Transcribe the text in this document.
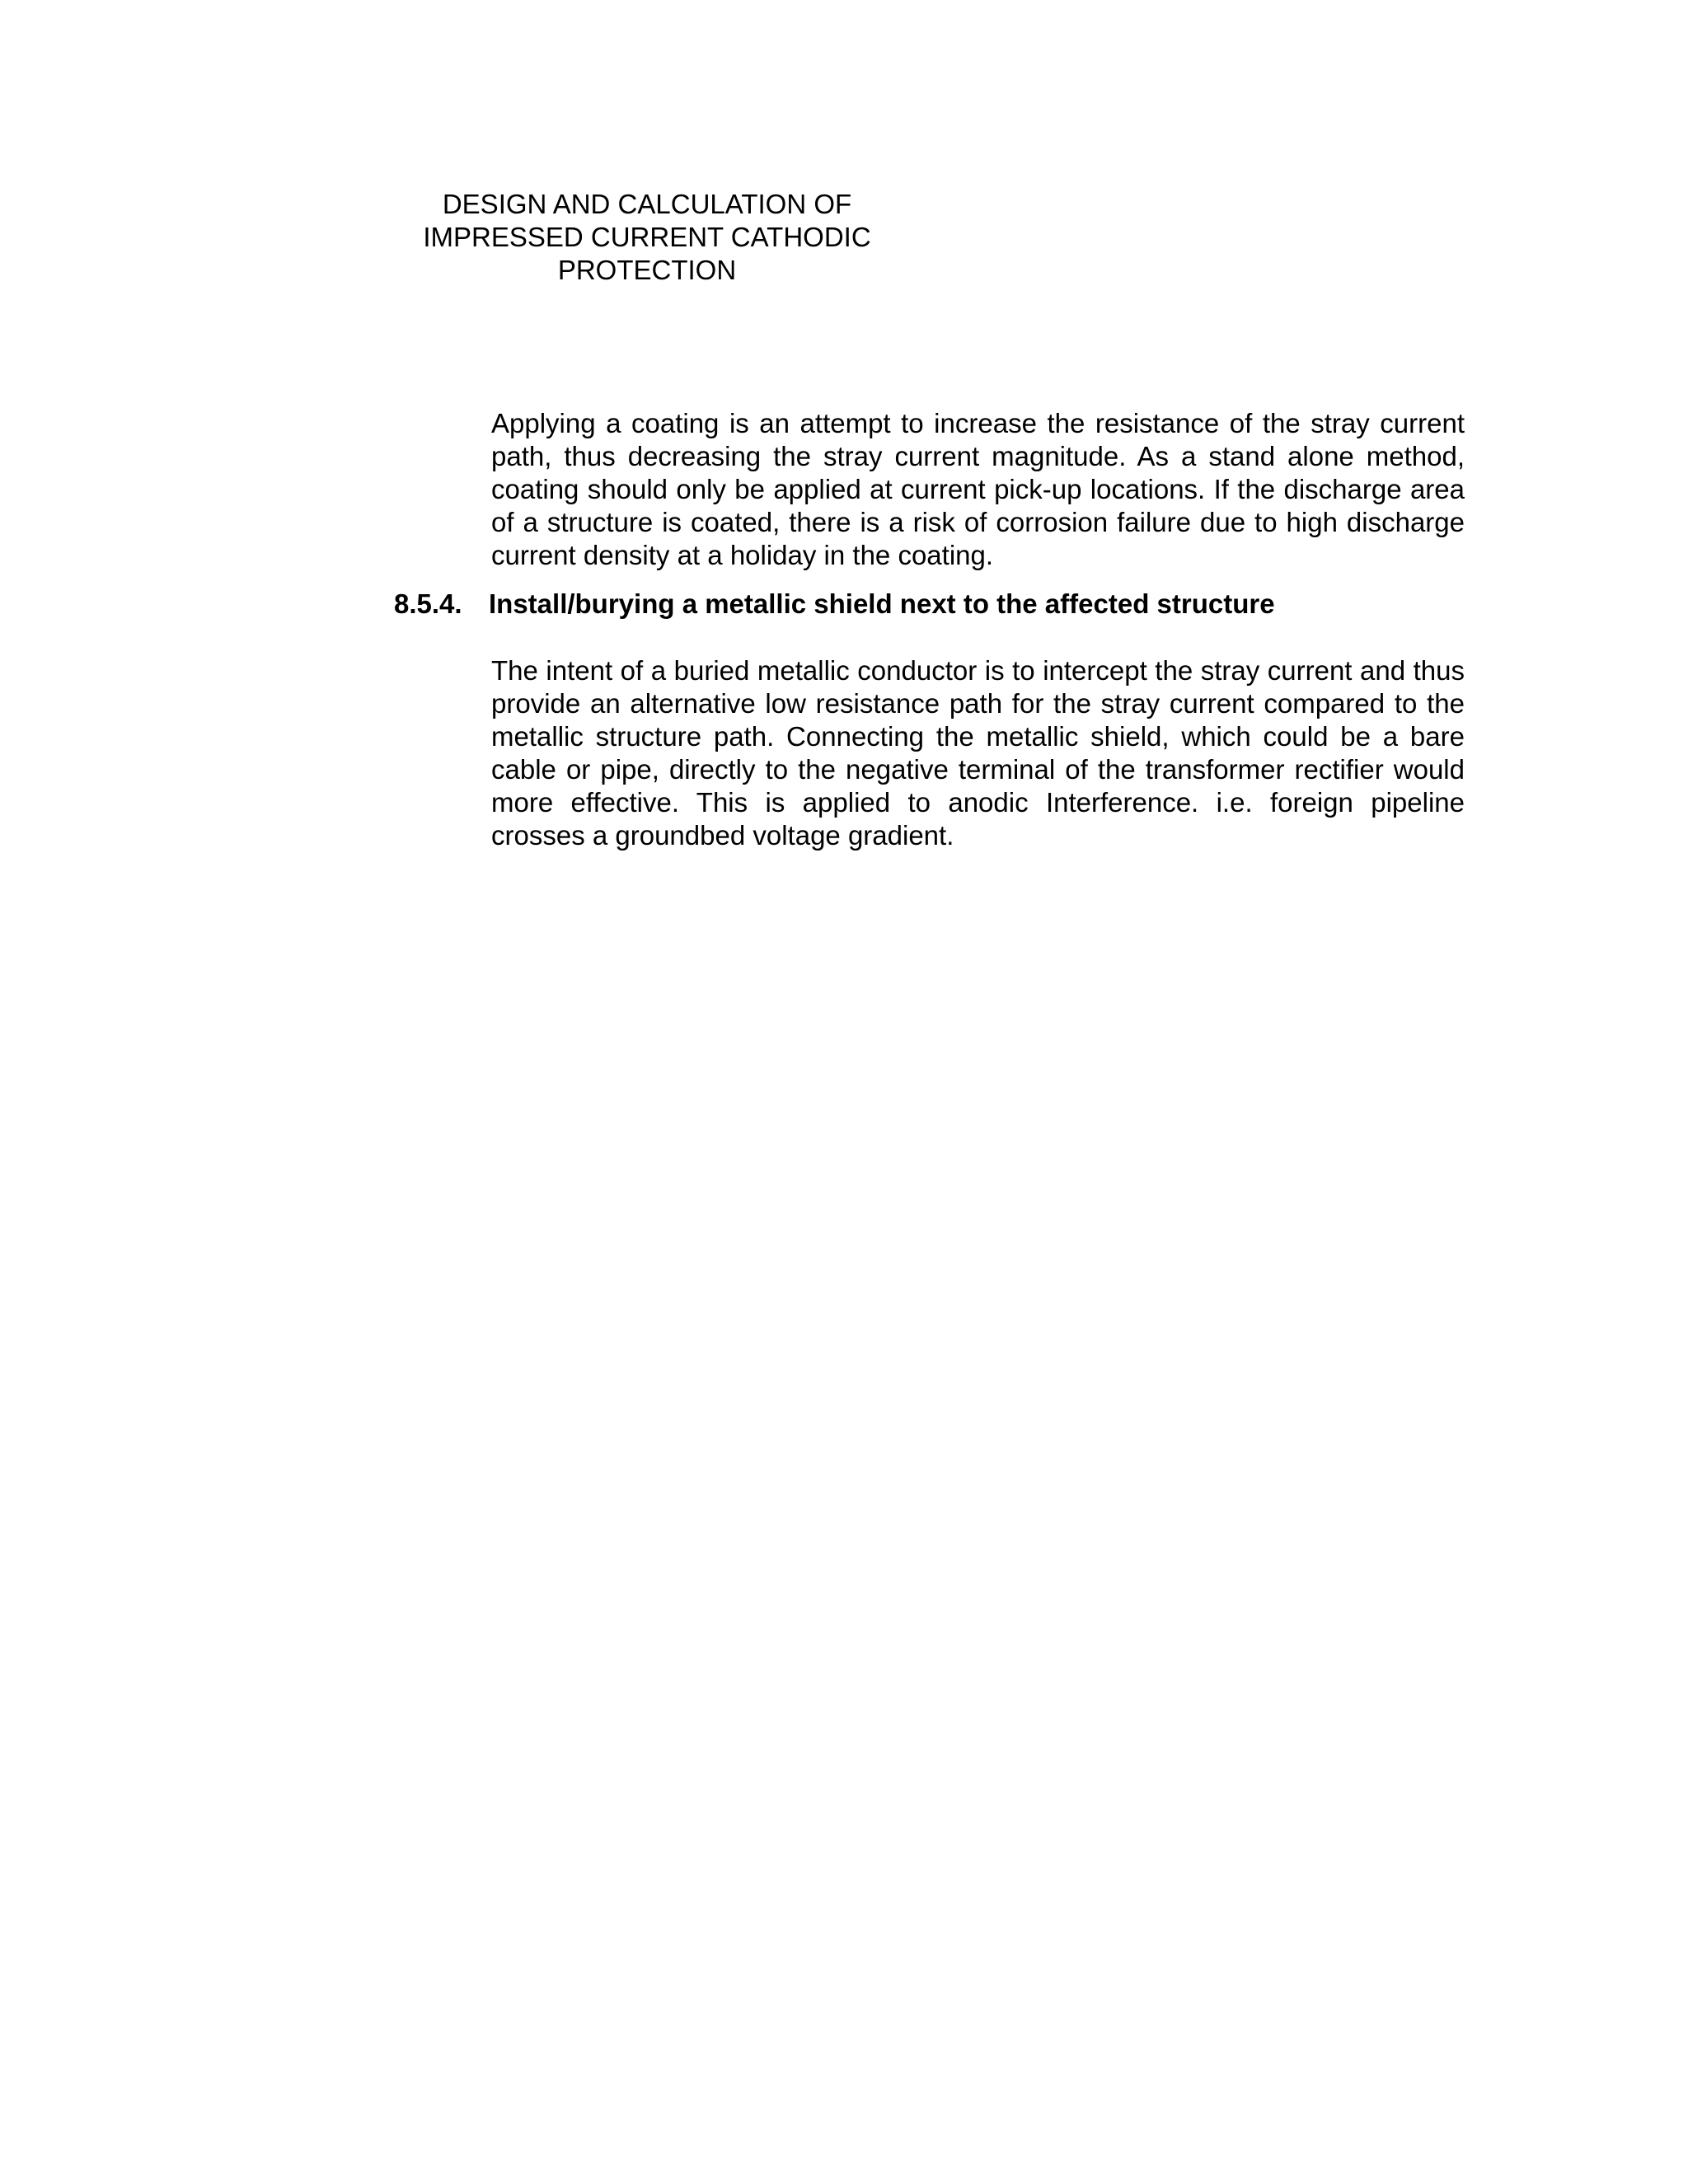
DESIGN AND CALCULATION OF
IMPRESSED CURRENT CATHODIC
PROTECTION

Applying a coating is an attempt to increase the resistance of the stray current path, thus decreasing the stray current magnitude. As a stand alone method, coating should only be applied at current pick-up locations. If the discharge area of a structure is coated, there is a risk of corrosion failure due to high discharge current density at a holiday in the coating.

8.5.4. Install/burying a metallic shield next to the affected structure

The intent of a buried metallic conductor is to intercept the stray current and thus provide an alternative low resistance path for the stray current compared to the metallic structure path. Connecting the metallic shield, which could be a bare cable or pipe, directly to the negative terminal of the transformer rectifier would more effective. This is applied to anodic Interference. i.e. foreign pipeline crosses a groundbed voltage gradient.
